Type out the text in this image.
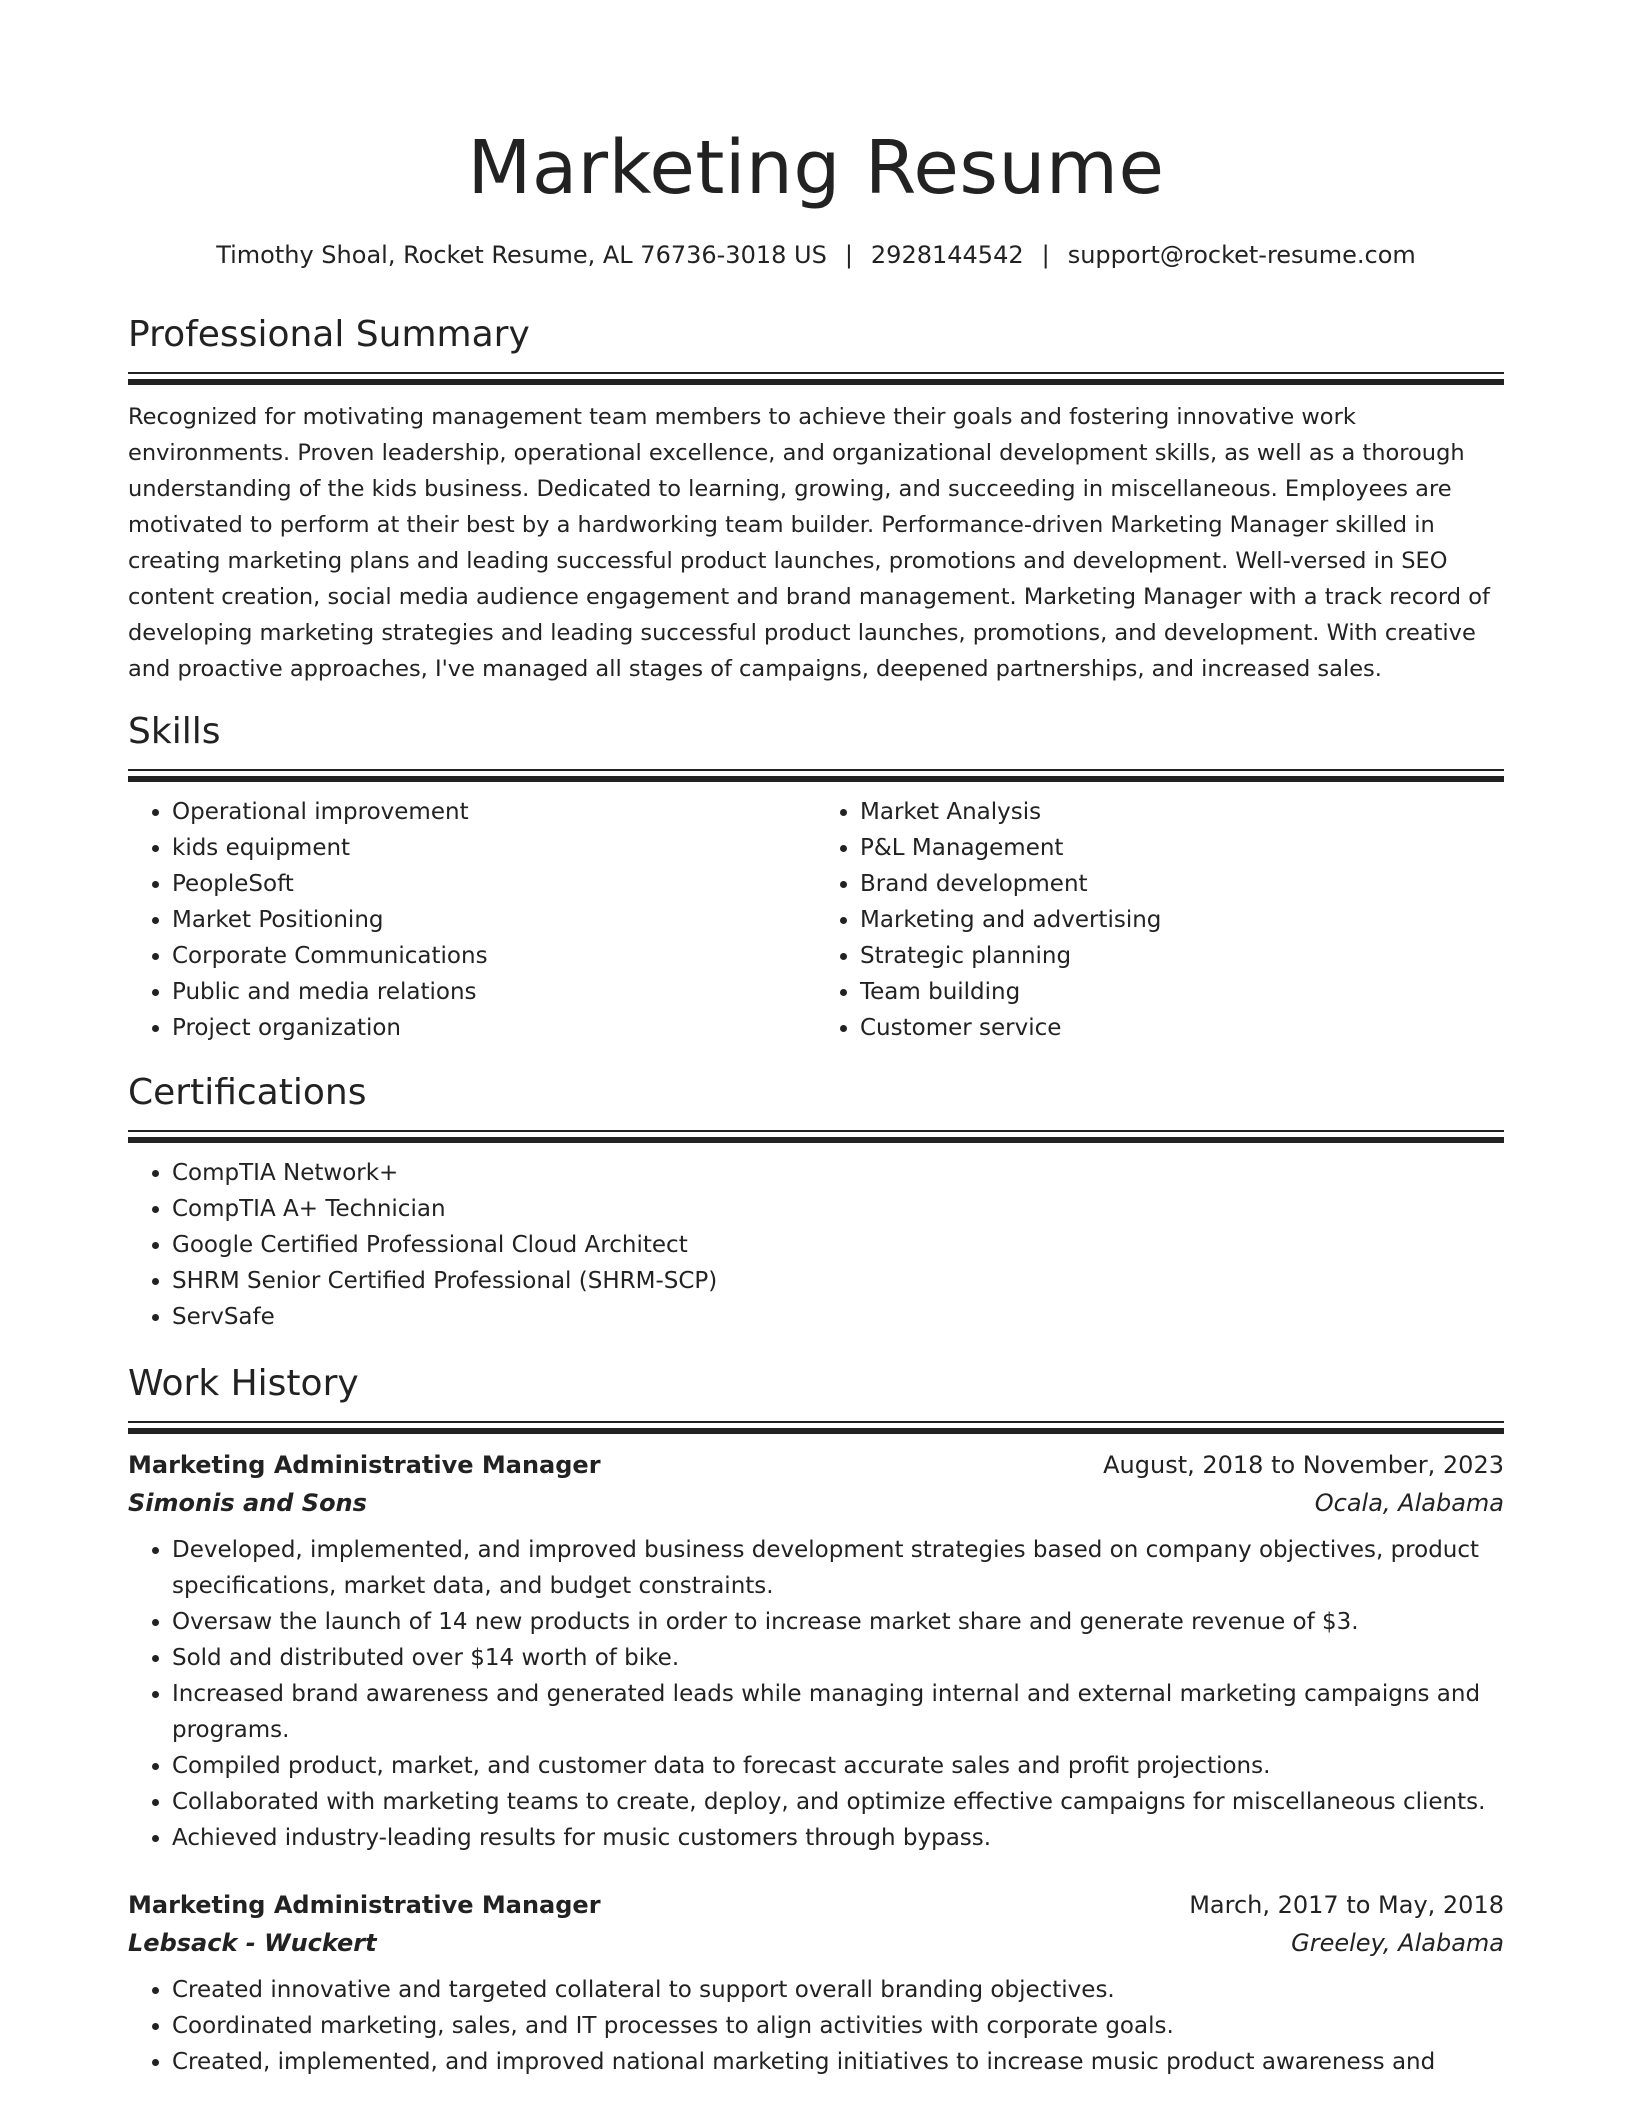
Marketing Resume
Timothy Shoal, Rocket Resume, AL 76736-3018 US | 2928144542 | support@rocket-resume.com
Professional Summary

Recognized for motivating management team members to achieve their goals and fostering innovative work environments. Proven leadership, operational excellence, and organizational development skills, as well as a thorough understanding of the kids business. Dedicated to learning, growing, and succeeding in miscellaneous. Employees are motivated to perform at their best by a hardworking team builder. Performance-driven Marketing Manager skilled in creating marketing plans and leading successful product launches, promotions and development. Well-versed in SEO content creation, social media audience engagement and brand management. Marketing Manager with a track record of developing marketing strategies and leading successful product launches, promotions, and development. With creative and proactive approaches, I've managed all stages of campaigns, deepened partnerships, and increased sales.

Skills
• Operational improvement
• kids equipment
• PeopleSoft
• Market Positioning
• Corporate Communications
• Public and media relations
• Project organization
• Market Analysis
• P&L Management
• Brand development
• Marketing and advertising
• Strategic planning
• Team building
• Customer service
Certifications
• CompTIA Network+
• CompTIA A+ Technician
• Google Certified Professional Cloud Architect
• SHRM Senior Certified Professional (SHRM-SCP)
• ServSafe
Work History
Marketing Administrative Manager	August, 2018 to November, 2023
Simonis and Sons	Ocala, Alabama
• Developed, implemented, and improved business development strategies based on company objectives, product specifications, market data, and budget constraints.
• Oversaw the launch of 14 new products in order to increase market share and generate revenue of $3.
• Sold and distributed over $14 worth of bike.
• Increased brand awareness and generated leads while managing internal and external marketing campaigns and programs.
• Compiled product, market, and customer data to forecast accurate sales and profit projections.
• Collaborated with marketing teams to create, deploy, and optimize effective campaigns for miscellaneous clients.
• Achieved industry-leading results for music customers through bypass.
Marketing Administrative Manager	March, 2017 to May, 2018
Lebsack - Wuckert	Greeley, Alabama
• Created innovative and targeted collateral to support overall branding objectives.
• Coordinated marketing, sales, and IT processes to align activities with corporate goals.
• Created, implemented, and improved national marketing initiatives to increase music product awareness and
